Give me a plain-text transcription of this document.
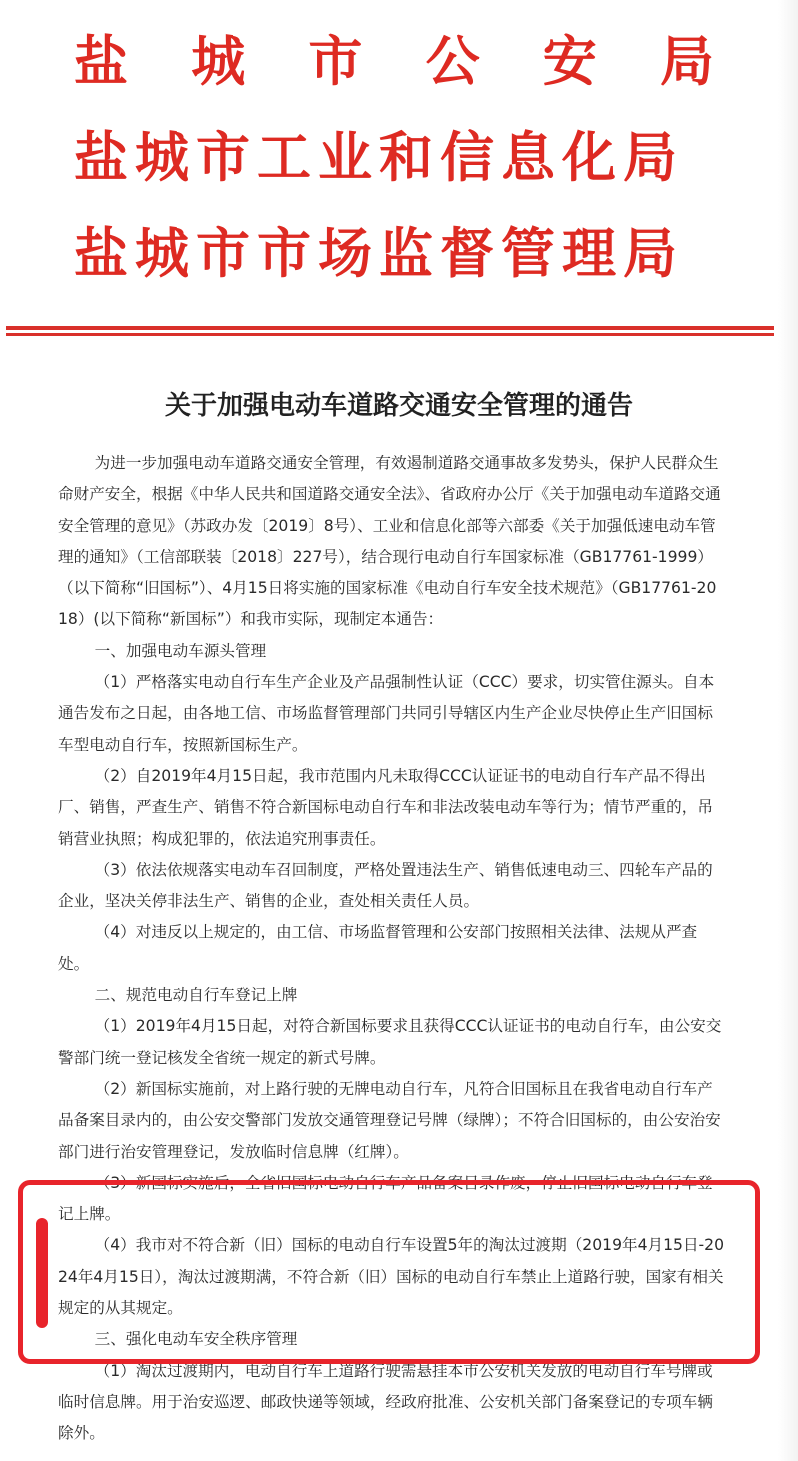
盐 城 市 公 安 局
盐城市工业和信息化局
盐城市市场监督管理局
关于加强电动车道路交通安全管理的通告

为进一步加强电动车道路交通安全管理，有效遏制道路交通事故多发势头，保护人民群众生命财产安全，根据《中华人民共和国道路交通安全法》、省政府办公厅《关于加强电动车道路交通安全管理的意见》（苏政办发〔2019〕8号）、工业和信息化部等六部委《关于加强低速电动车管理的通知》（工信部联装〔2018〕227号），结合现行电动自行车国家标准（GB17761-1999）（以下简称“旧国标”）、4月15日将实施的国家标准《电动自行车安全技术规范》（GB17761-2018）(以下简称“新国标”）和我市实际，现制定本通告：

一、加强电动车源头管理

（1）严格落实电动自行车生产企业及产品强制性认证（CCC）要求，切实管住源头。自本通告发布之日起，由各地工信、市场监督管理部门共同引导辖区内生产企业尽快停止生产旧国标车型电动自行车，按照新国标生产。

（2）自2019年4月15日起，我市范围内凡未取得CCC认证证书的电动自行车产品不得出厂、销售，严查生产、销售不符合新国标电动自行车和非法改装电动车等行为；情节严重的，吊销营业执照；构成犯罪的，依法追究刑事责任。

（3）依法依规落实电动车召回制度，严格处置违法生产、销售低速电动三、四轮车产品的企业，坚决关停非法生产、销售的企业，查处相关责任人员。

（4）对违反以上规定的，由工信、市场监督管理和公安部门按照相关法律、法规从严查处。

二、规范电动自行车登记上牌

（1）2019年4月15日起，对符合新国标要求且获得CCC认证证书的电动自行车，由公安交警部门统一登记核发全省统一规定的新式号牌。

（2）新国标实施前，对上路行驶的无牌电动自行车，凡符合旧国标且在我省电动自行车产品备案目录内的，由公安交警部门发放交通管理登记号牌（绿牌）；不符合旧国标的，由公安治安部门进行治安管理登记，发放临时信息牌（红牌）。

（3）新国标实施后，全省旧国标电动自行车产品备案目录作废，停止旧国标电动自行车登记上牌。

（4）我市对不符合新（旧）国标的电动自行车设置5年的淘汰过渡期（2019年4月15日-2024年4月15日），淘汰过渡期满，不符合新（旧）国标的电动自行车禁止上道路行驶，国家有相关规定的从其规定。

三、强化电动车安全秩序管理

（1）淘汰过渡期内，电动自行车上道路行驶需悬挂本市公安机关发放的电动自行车号牌或临时信息牌。用于治安巡逻、邮政快递等领域，经政府批准、公安机关部门备案登记的专项车辆除外。
